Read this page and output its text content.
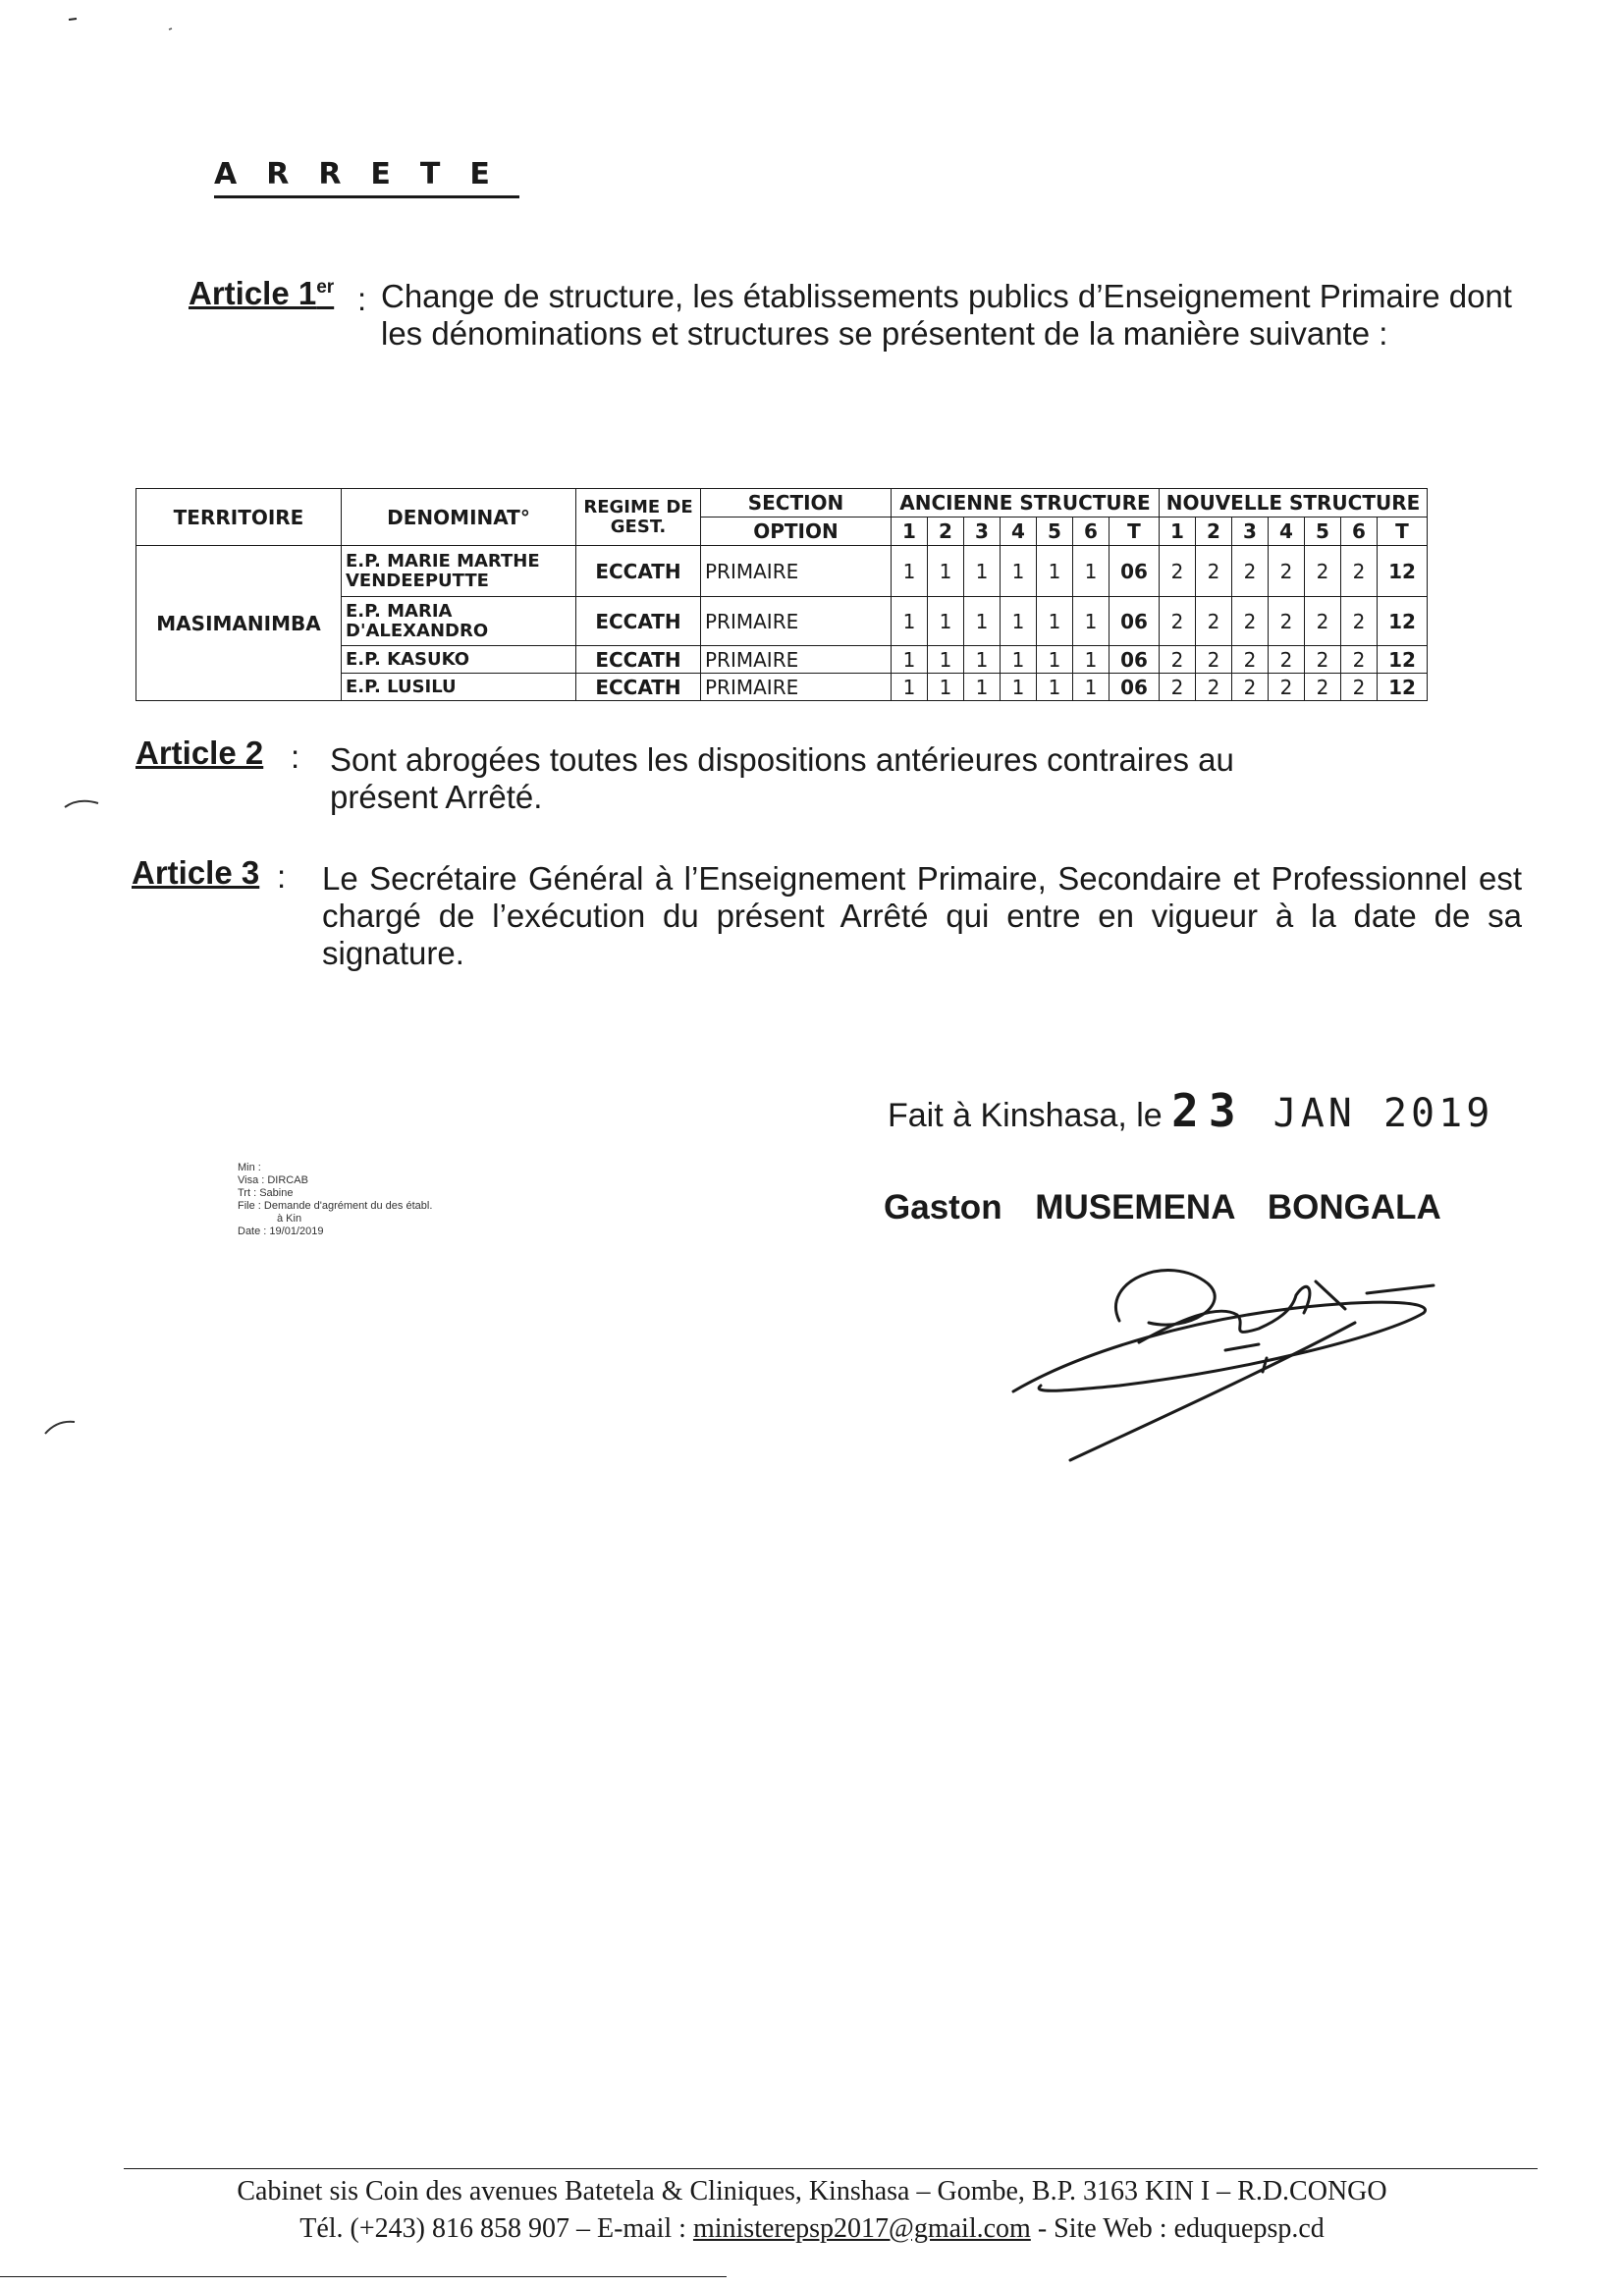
ARRETE
Article 1er : Change de structure, les établissements publics d’Enseignement Primaire dont les dénominations et structures se présentent de la manière suivante :
TERRITOIRE	DENOMINAT°	REGIME DE GEST.	SECTION	ANCIENNE STRUCTURE							NOUVELLE STRUCTURE						
			OPTION	1	2	3	4	5	6	T	1	2	3	4	5	6	T
MASIMANIMBA	E.P. MARIE MARTHE VENDEEPUTTE	ECCATH	PRIMAIRE	1	1	1	1	1	1	06	2	2	2	2	2	2	12
	E.P. MARIA D'ALEXANDRO	ECCATH	PRIMAIRE	1	1	1	1	1	1	06	2	2	2	2	2	2	12
	E.P. KASUKO	ECCATH	PRIMAIRE	1	1	1	1	1	1	06	2	2	2	2	2	2	12
	E.P. LUSILU	ECCATH	PRIMAIRE	1	1	1	1	1	1	06	2	2	2	2	2	2	12
Article 2 : Sont abrogées toutes les dispositions antérieures contraires au présent Arrêté.
Article 3 : Le Secrétaire Général à l’Enseignement Primaire, Secondaire et Professionnel est chargé de l’exécution du présent Arrêté qui entre en vigueur à la date de sa signature.
Fait à Kinshasa, le 23 JAN 2019
Gaston MUSEMENA BONGALA
Min :
Visa : DIRCAB
Trt : Sabine
File : Demande d'agrément du des établ.
à Kin
Date : 19/01/2019
Cabinet sis Coin des avenues Batetela & Cliniques, Kinshasa – Gombe, B.P. 3163 KIN I – R.D.CONGO
Tél. (+243) 816 858 907 – E-mail : ministerepsp2017@gmail.com - Site Web : eduquepsp.cd
